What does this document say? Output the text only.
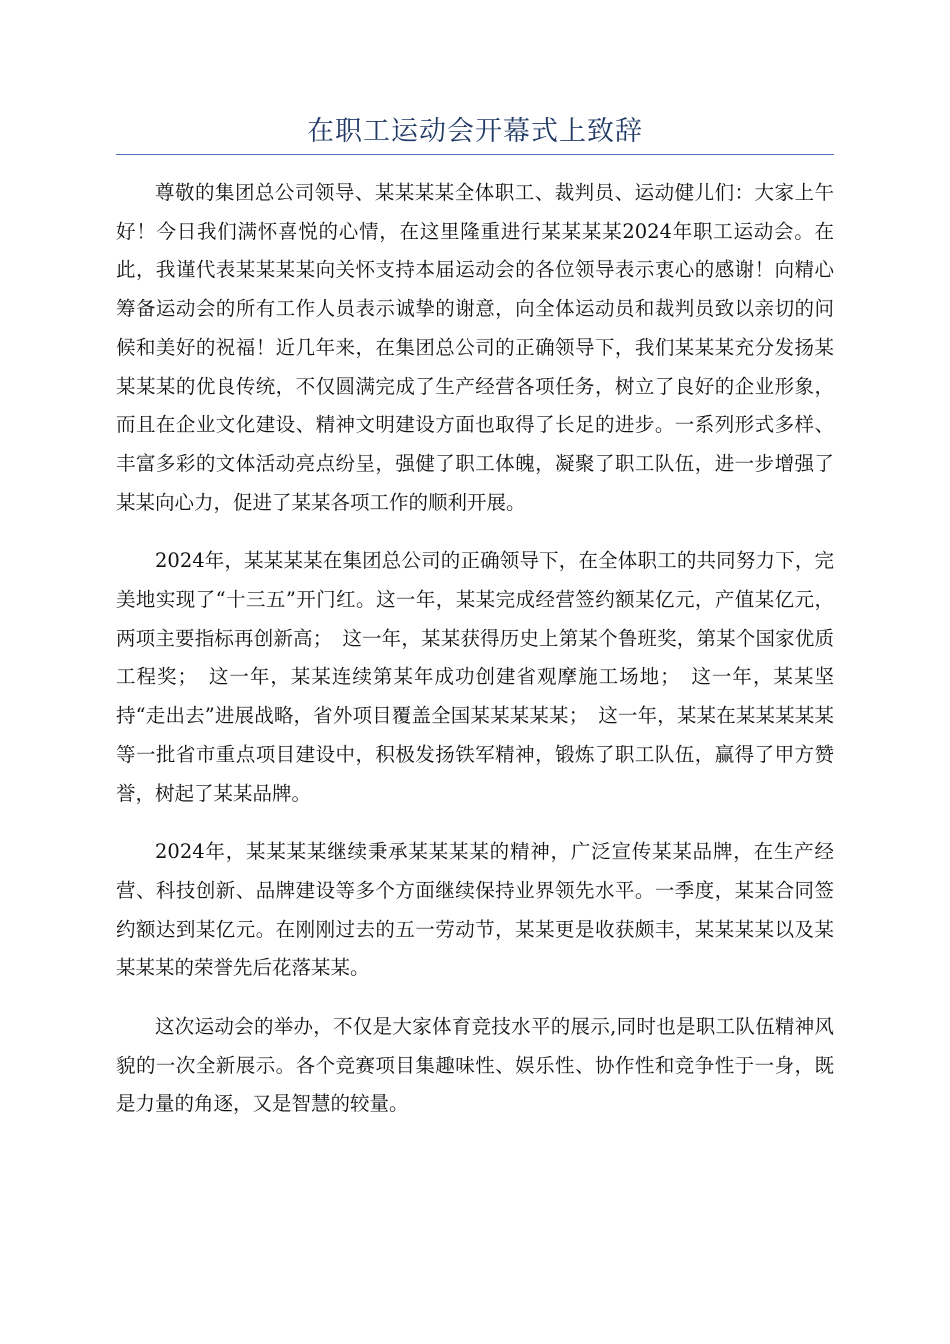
在职工运动会开幕式上致辞

尊敬的集团总公司领导、某某某某全体职工、裁判员、运动健儿们：大家上午好！今日我们满怀喜悦的心情，在这里隆重进行某某某某2024年职工运动会。在此，我谨代表某某某某向关怀支持本届运动会的各位领导表示衷心的感谢！向精心筹备运动会的所有工作人员表示诚挚的谢意，向全体运动员和裁判员致以亲切的问候和美好的祝福！近几年来，在集团总公司的正确领导下，我们某某某充分发扬某某某某的优良传统，不仅圆满完成了生产经营各项任务，树立了良好的企业形象，而且在企业文化建设、精神文明建设方面也取得了长足的进步。一系列形式多样、丰富多彩的文体活动亮点纷呈，强健了职工体魄，凝聚了职工队伍，进一步增强了某某向心力，促进了某某各项工作的顺利开展。

2024年，某某某某在集团总公司的正确领导下，在全体职工的共同努力下，完美地实现了“十三五”开门红。这一年，某某完成经营签约额某亿元，产值某亿元，两项主要指标再创新高；　这一年，某某获得历史上第某个鲁班奖，第某个国家优质工程奖；　这一年，某某连续第某年成功创建省观摩施工场地；　这一年，某某坚持“走出去”进展战略，省外项目覆盖全国某某某某某；　这一年，某某在某某某某某等一批省市重点项目建设中，积极发扬铁军精神，锻炼了职工队伍，赢得了甲方赞誉，树起了某某品牌。

2024年，某某某某继续秉承某某某某的精神，广泛宣传某某品牌，在生产经营、科技创新、品牌建设等多个方面继续保持业界领先水平。一季度，某某合同签约额达到某亿元。在刚刚过去的五一劳动节，某某更是收获颇丰，某某某某以及某某某某的荣誉先后花落某某。

这次运动会的举办，不仅是大家体育竞技水平的展示,同时也是职工队伍精神风貌的一次全新展示。各个竞赛项目集趣味性、娱乐性、协作性和竞争性于一身，既是力量的角逐，又是智慧的较量。
